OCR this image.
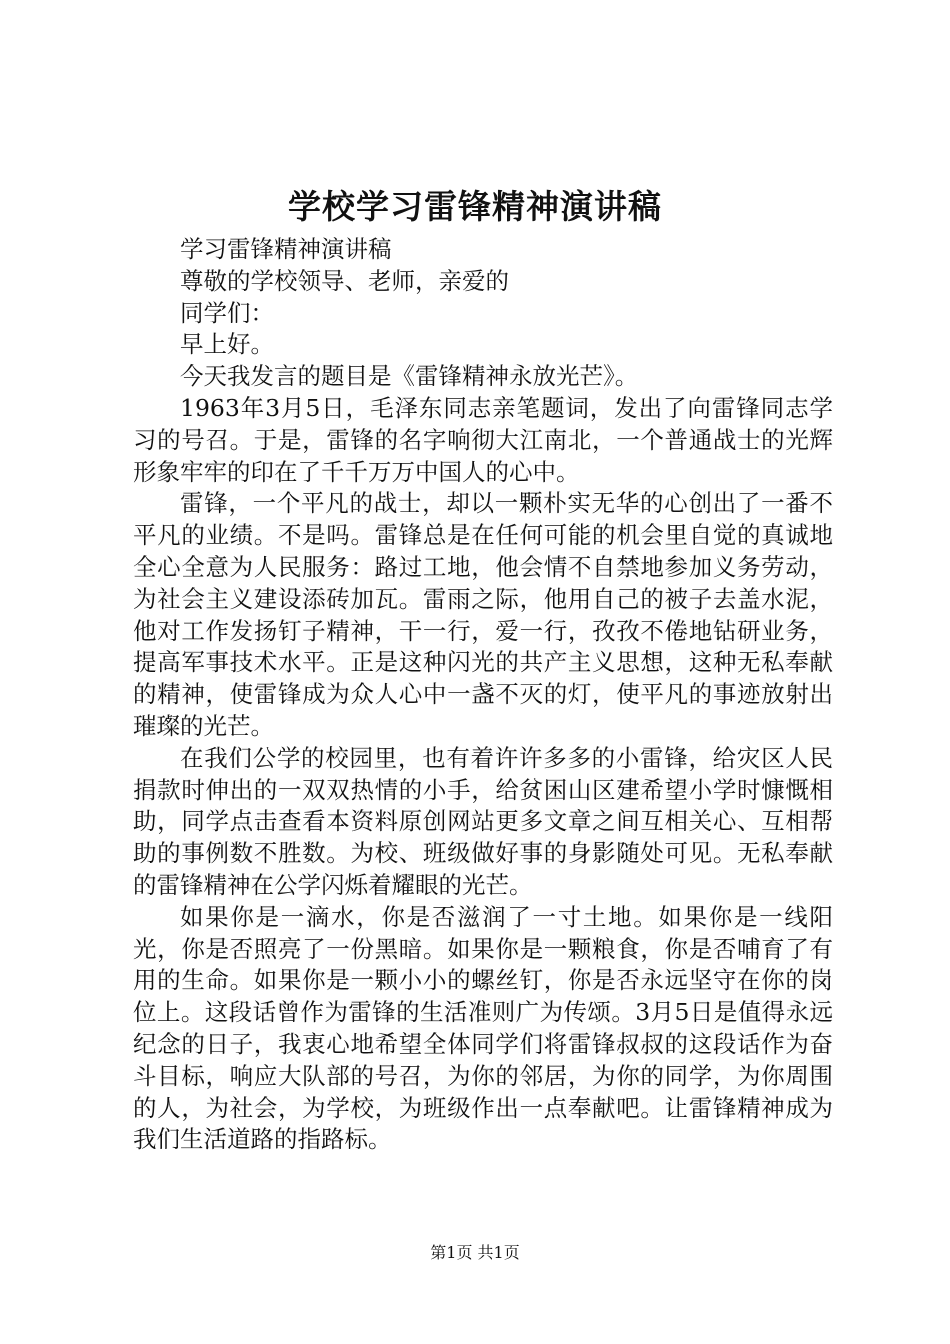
学校学习雷锋精神演讲稿

学习雷锋精神演讲稿

尊敬的学校领导、老师，亲爱的

同学们：

早上好。

今天我发言的题目是《雷锋精神永放光芒》。

1963年3月5日，毛泽东同志亲笔题词，发出了向雷锋同志学习的号召。于是，雷锋的名字响彻大江南北，一个普通战士的光辉形象牢牢的印在了千千万万中国人的心中。

雷锋，一个平凡的战士，却以一颗朴实无华的心创出了一番不平凡的业绩。不是吗。雷锋总是在任何可能的机会里自觉的真诚地全心全意为人民服务：路过工地，他会情不自禁地参加义务劳动，为社会主义建设添砖加瓦。雷雨之际，他用自己的被子去盖水泥，他对工作发扬钉子精神，干一行，爱一行，孜孜不倦地钻研业务，提高军事技术水平。正是这种闪光的共产主义思想，这种无私奉献的精神，使雷锋成为众人心中一盏不灭的灯，使平凡的事迹放射出璀璨的光芒。

在我们公学的校园里，也有着许许多多的小雷锋，给灾区人民捐款时伸出的一双双热情的小手，给贫困山区建希望小学时慷慨相助，同学点击查看本资料原创网站更多文章之间互相关心、互相帮助的事例数不胜数。为校、班级做好事的身影随处可见。无私奉献的雷锋精神在公学闪烁着耀眼的光芒。

如果你是一滴水，你是否滋润了一寸土地。如果你是一线阳光，你是否照亮了一份黑暗。如果你是一颗粮食，你是否哺育了有用的生命。如果你是一颗小小的螺丝钉，你是否永远坚守在你的岗位上。这段话曾作为雷锋的生活准则广为传颂。3月5日是值得永远纪念的日子，我衷心地希望全体同学们将雷锋叔叔的这段话作为奋斗目标，响应大队部的号召，为你的邻居，为你的同学，为你周围的人，为社会，为学校，为班级作出一点奉献吧。让雷锋精神成为我们生活道路的指路标。

第1页 共1页
